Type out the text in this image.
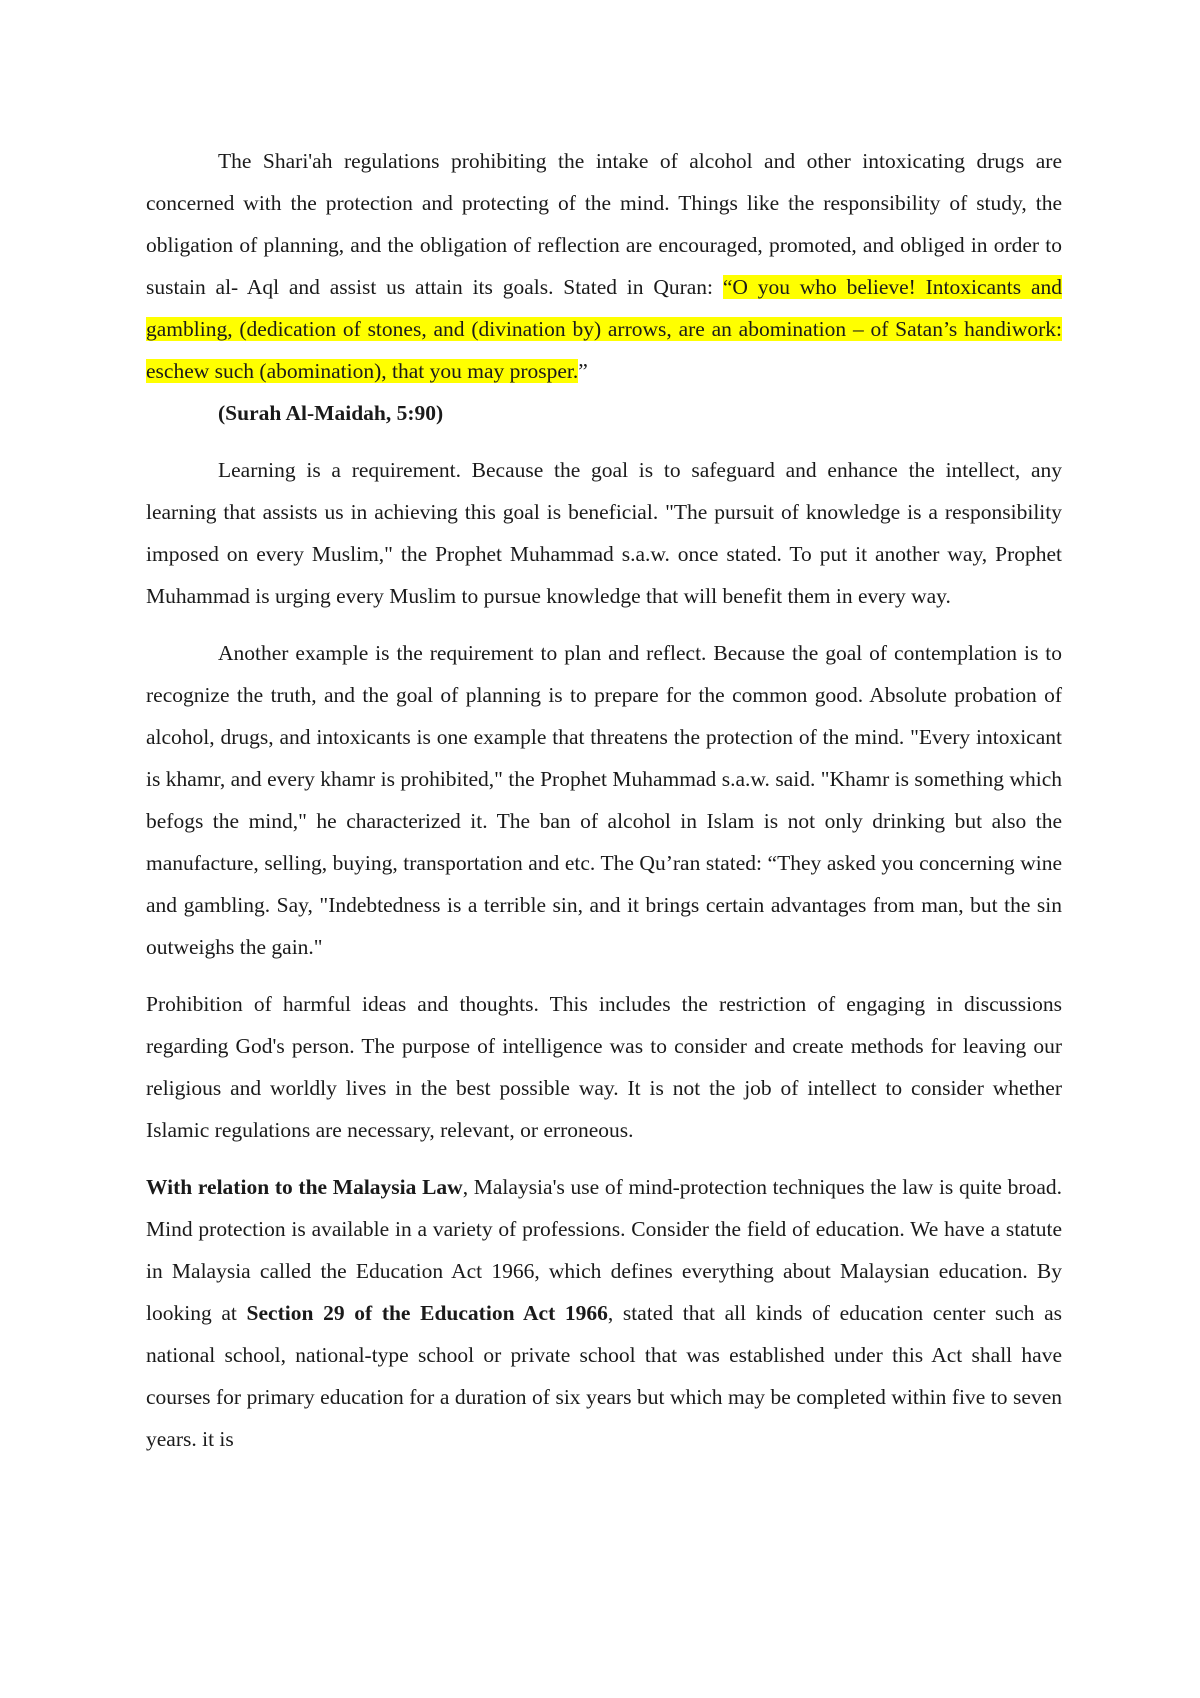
The Shari'ah regulations prohibiting the intake of alcohol and other intoxicating drugs are concerned with the protection and protecting of the mind. Things like the responsibility of study, the obligation of planning, and the obligation of reflection are encouraged, promoted, and obliged in order to sustain al- Aql and assist us attain its goals. Stated in Quran: “O you who believe! Intoxicants and gambling, (dedication of stones, and (divination by) arrows, are an abomination – of Satan’s handiwork: eschew such (abomination), that you may prosper.”
(Surah Al-Maidah, 5:90)

Learning is a requirement. Because the goal is to safeguard and enhance the intellect, any learning that assists us in achieving this goal is beneficial. "The pursuit of knowledge is a responsibility imposed on every Muslim," the Prophet Muhammad s.a.w. once stated. To put it another way, Prophet Muhammad is urging every Muslim to pursue knowledge that will benefit them in every way.

Another example is the requirement to plan and reflect. Because the goal of contemplation is to recognize the truth, and the goal of planning is to prepare for the common good. Absolute probation of alcohol, drugs, and intoxicants is one example that threatens the protection of the mind. "Every intoxicant is khamr, and every khamr is prohibited," the Prophet Muhammad s.a.w. said. "Khamr is something which befogs the mind," he characterized it. The ban of alcohol in Islam is not only drinking but also the manufacture, selling, buying, transportation and etc. The Qu’ran stated: “They asked you concerning wine and gambling. Say, "Indebtedness is a terrible sin, and it brings certain advantages from man, but the sin outweighs the gain."

Prohibition of harmful ideas and thoughts. This includes the restriction of engaging in discussions regarding God's person. The purpose of intelligence was to consider and create methods for leaving our religious and worldly lives in the best possible way. It is not the job of intellect to consider whether Islamic regulations are necessary, relevant, or erroneous.

With relation to the Malaysia Law, Malaysia's use of mind-protection techniques the law is quite broad. Mind protection is available in a variety of professions. Consider the field of education. We have a statute in Malaysia called the Education Act 1966, which defines everything about Malaysian education. By looking at Section 29 of the Education Act 1966, stated that all kinds of education center such as national school, national-type school or private school that was established under this Act shall have courses for primary education for a duration of six years but which may be completed within five to seven years. it is
